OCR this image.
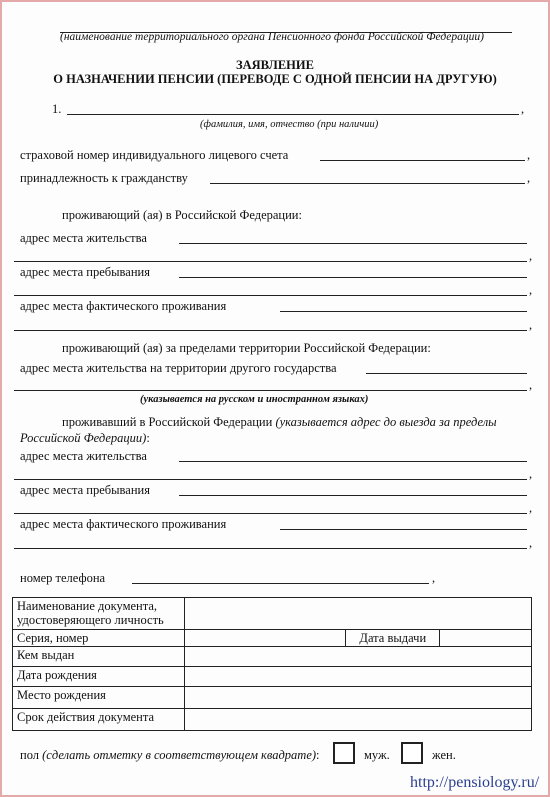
(наименование территориального органа Пенсионного фонда Российской Федерации)
ЗАЯВЛЕНИЕ
О НАЗНАЧЕНИИ ПЕНСИИ (ПЕРЕВОДЕ С ОДНОЙ ПЕНСИИ НА ДРУГУЮ)
1.	,
(фамилия, имя, отчество (при наличии)
страховой номер индивидуального лицевого счета	,
принадлежность к гражданству	,
проживающий (ая) в Российской Федерации:
адрес места жительства
,
адрес места пребывания
,
адрес места фактического проживания
,
проживающий (ая) за пределами территории Российской Федерации:
адрес места жительства на территории другого государства
,
(указывается на русском и иностранном языках)
проживавший в Российской Федерации (указывается адрес до выезда за пределы
Российской Федерации):
адрес места жительства
,
адрес места пребывания
,
адрес места фактического проживания
,
номер телефона	,
Наименование документа,
удостоверяющего личность			

Серия, номер		Дата выдачи	
Кем выдан			
Дата рождения			
Место рождения			
Срок действия документа			
пол (сделать отметку в соответствующем квадрате):	муж.	жен.
http://pensiology.ru/
